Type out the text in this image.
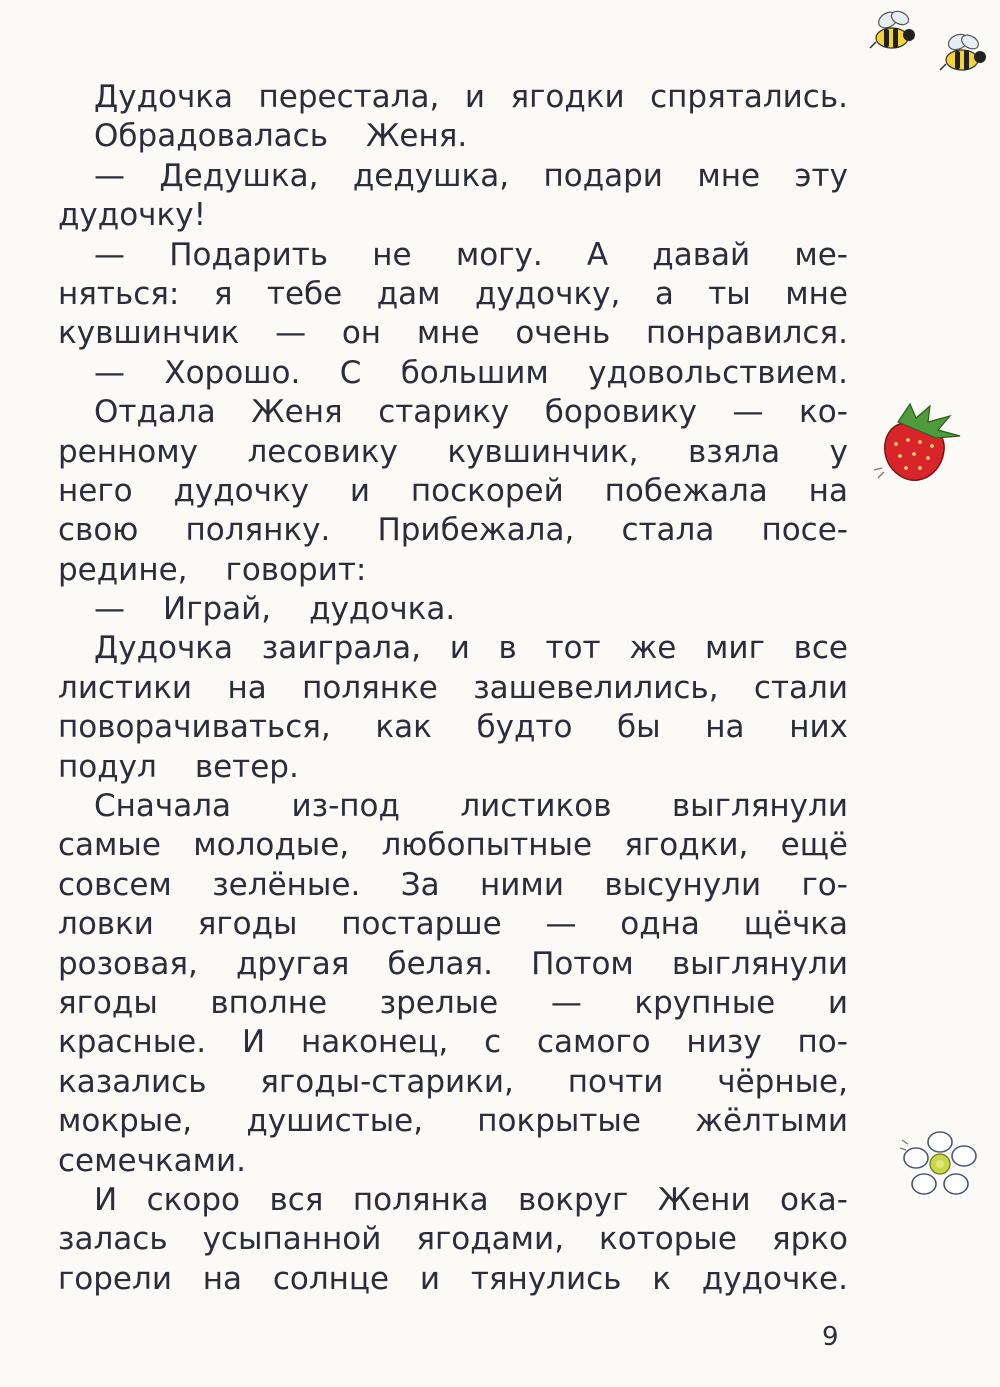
Дудочка перестала, и ягодки спрятались.
Обрадовалась Женя.
— Дедушка, дедушка, подари мне эту
дудочку!
— Подарить не могу. А давай ме-
няться: я тебе дам дудочку, а ты мне
кувшинчик — он мне очень понравился.
— Хорошо. С большим удовольствием.
Отдала Женя старику боровику — ко-
ренному лесовику кувшинчик, взяла у
него дудочку и поскорей побежала на
свою полянку. Прибежала, стала посе-
редине, говорит:
— Играй, дудочка.
Дудочка заиграла, и в тот же миг все
листики на полянке зашевелились, стали
поворачиваться, как будто бы на них
подул ветер.
Сначала из-под листиков выглянули
самые молодые, любопытные ягодки, ещё
совсем зелёные. За ними высунули го-
ловки ягоды постарше — одна щёчка
розовая, другая белая. Потом выглянули
ягоды вполне зрелые — крупные и
красные. И наконец, с самого низу по-
казались ягоды-старики, почти чёрные,
мокрые, душистые, покрытые жёлтыми
семечками.
И скоро вся полянка вокруг Жени ока-
залась усыпанной ягодами, которые ярко
горели на солнце и тянулись к дудочке.
9
